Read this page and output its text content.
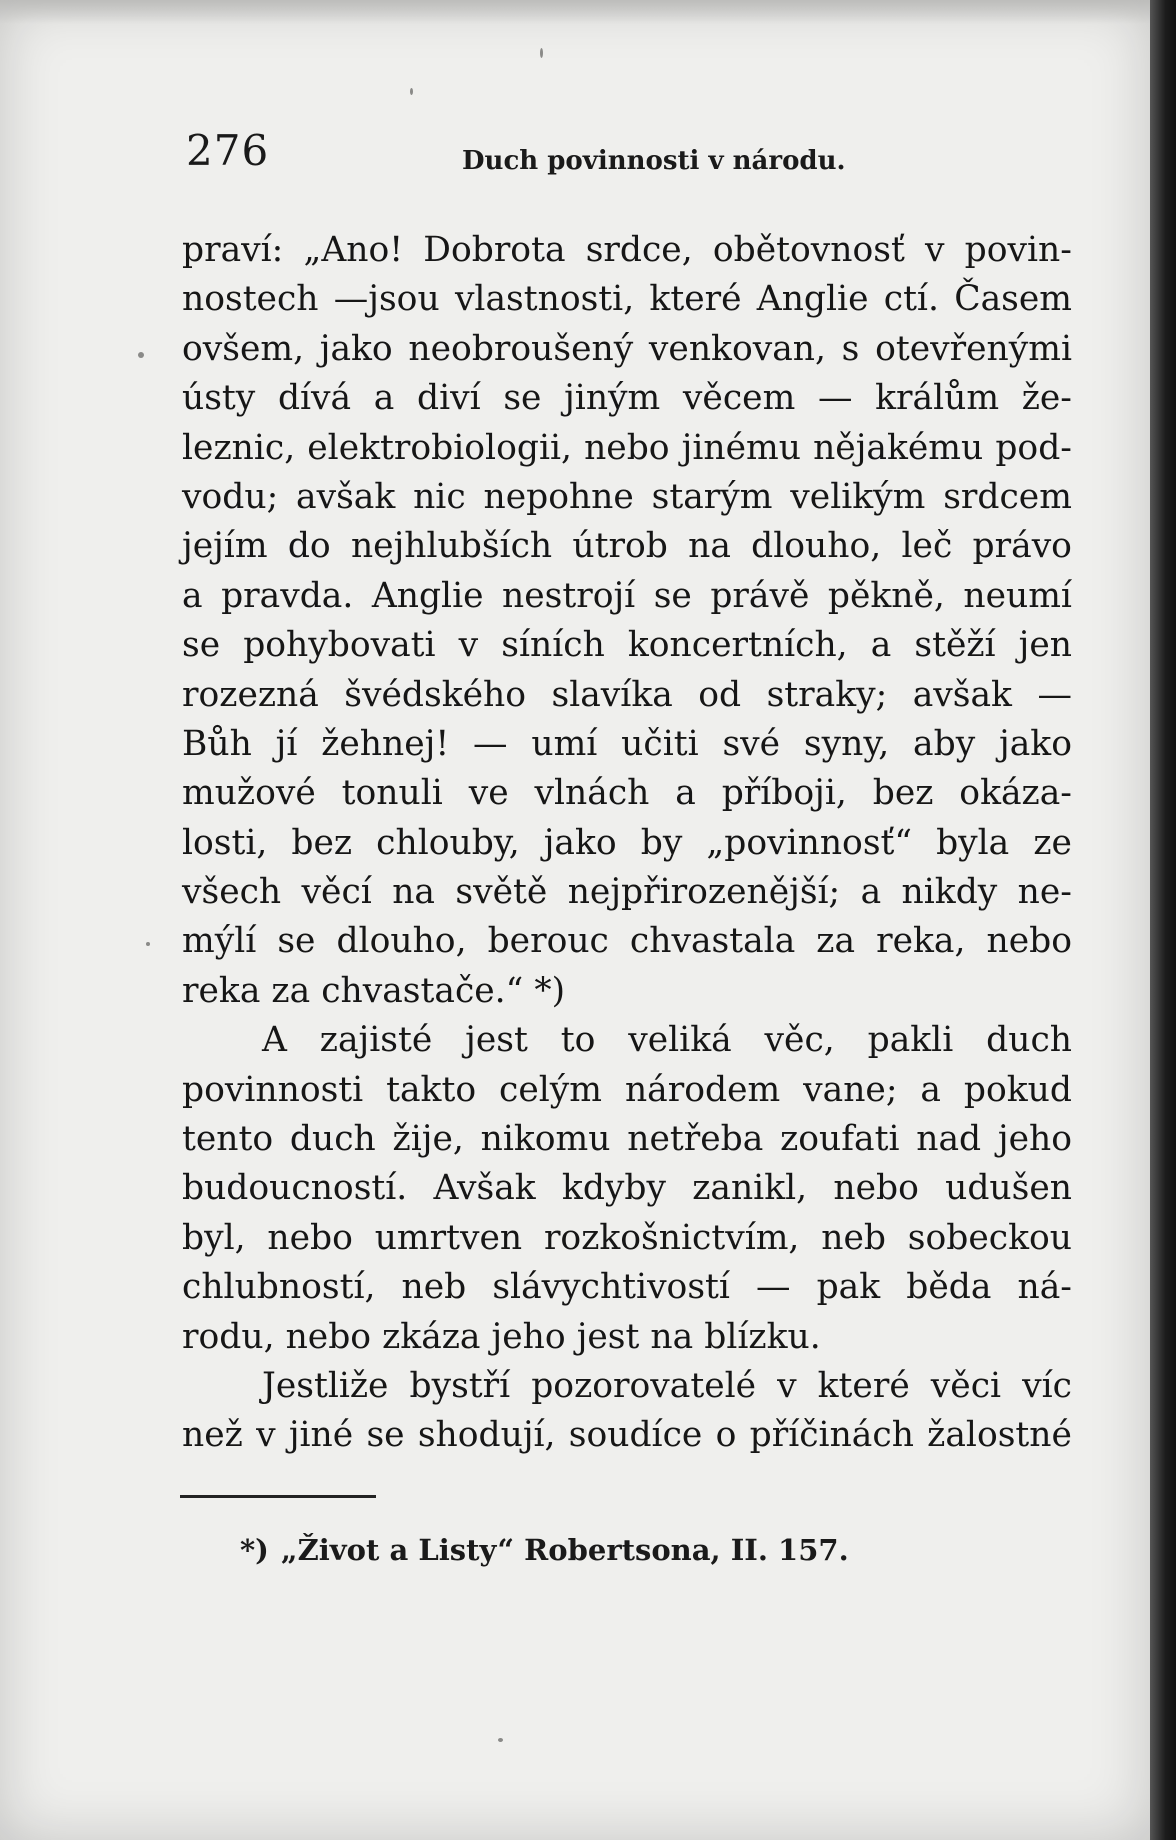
276	Duch povinnosti v národu.
praví: „Ano! Dobrota srdce, obětovnosť v povin-
nostech —jsou vlastnosti, které Anglie ctí. Časem
ovšem, jako neobroušený venkovan, s otevřenými
ústy dívá a diví se jiným věcem — králům že-
leznic, elektrobiologii, nebo jinému nějakému pod-
vodu; avšak nic nepohne starým velikým srdcem
jejím do nejhlubších útrob na dlouho, leč právo
a pravda. Anglie nestrojí se právě pěkně, neumí
se pohybovati v síních koncertních, a stěží jen
rozezná švédského slavíka od straky; avšak —
Bůh jí žehnej! — umí učiti své syny, aby jako
mužové tonuli ve vlnách a příboji, bez okáza-
losti, bez chlouby, jako by „povinnosť“ byla ze
všech věcí na světě nejpřirozenější; a nikdy ne-
mýlí se dlouho, berouc chvastala za reka, nebo
reka za chvastače.“ *)
A zajisté jest to veliká věc, pakli duch
povinnosti takto celým národem vane; a pokud
tento duch žije, nikomu netřeba zoufati nad jeho
budoucností. Avšak kdyby zanikl, nebo udušen
byl, nebo umrtven rozkošnictvím, neb sobeckou
chlubností, neb slávychtivostí — pak běda ná-
rodu, nebo zkáza jeho jest na blízku.
Jestliže bystří pozorovatelé v které věci víc
než v jiné se shodují, soudíce o příčinách žalostné
*) „Život a Listy“ Robertsona, II. 157.
